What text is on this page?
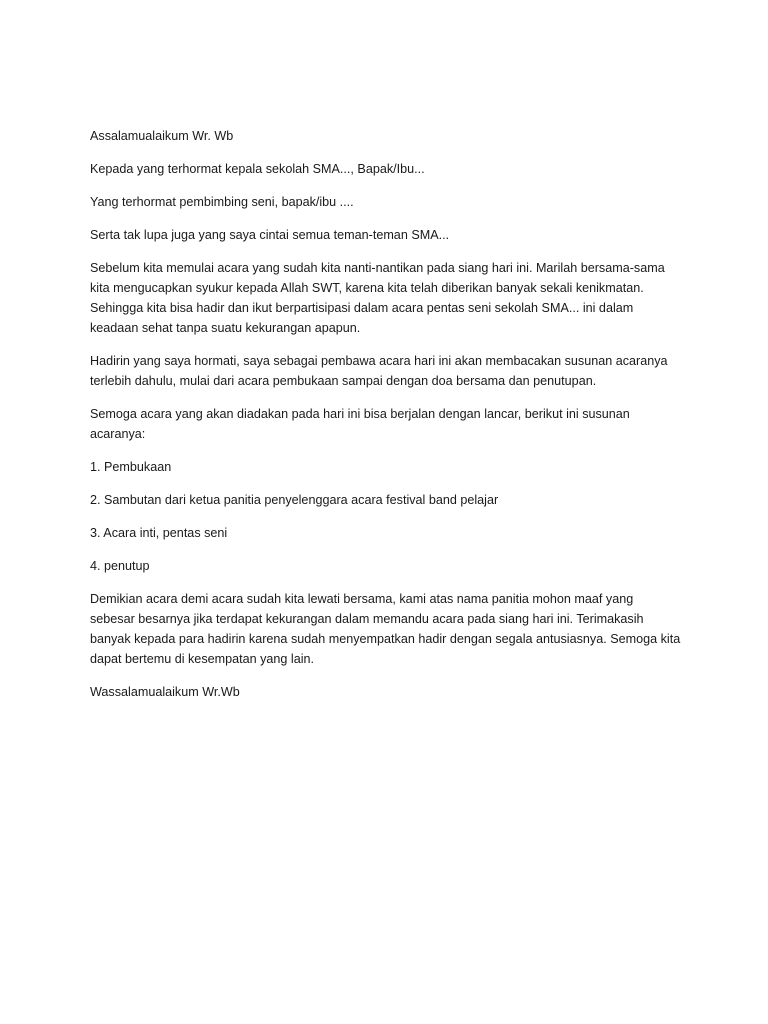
Assalamualaikum Wr. Wb

Kepada yang terhormat kepala sekolah SMA..., Bapak/Ibu...

Yang terhormat pembimbing seni, bapak/ibu ....

Serta tak lupa juga yang saya cintai semua teman-teman SMA...

Sebelum kita memulai acara yang sudah kita nanti-nantikan pada siang hari ini. Marilah bersama-sama
kita mengucapkan syukur kepada Allah SWT, karena kita telah diberikan banyak sekali kenikmatan.
Sehingga kita bisa hadir dan ikut berpartisipasi dalam acara pentas seni sekolah SMA... ini dalam
keadaan sehat tanpa suatu kekurangan apapun.

Hadirin yang saya hormati, saya sebagai pembawa acara hari ini akan membacakan susunan acaranya
terlebih dahulu, mulai dari acara pembukaan sampai dengan doa bersama dan penutupan.

Semoga acara yang akan diadakan pada hari ini bisa berjalan dengan lancar, berikut ini susunan
acaranya:

1. Pembukaan

2. Sambutan dari ketua panitia penyelenggara acara festival band pelajar

3. Acara inti, pentas seni

4. penutup

Demikian acara demi acara sudah kita lewati bersama, kami atas nama panitia mohon maaf yang
sebesar besarnya jika terdapat kekurangan dalam memandu acara pada siang hari ini. Terimakasih
banyak kepada para hadirin karena sudah menyempatkan hadir dengan segala antusiasnya. Semoga kita
dapat bertemu di kesempatan yang lain.

Wassalamualaikum Wr.Wb
